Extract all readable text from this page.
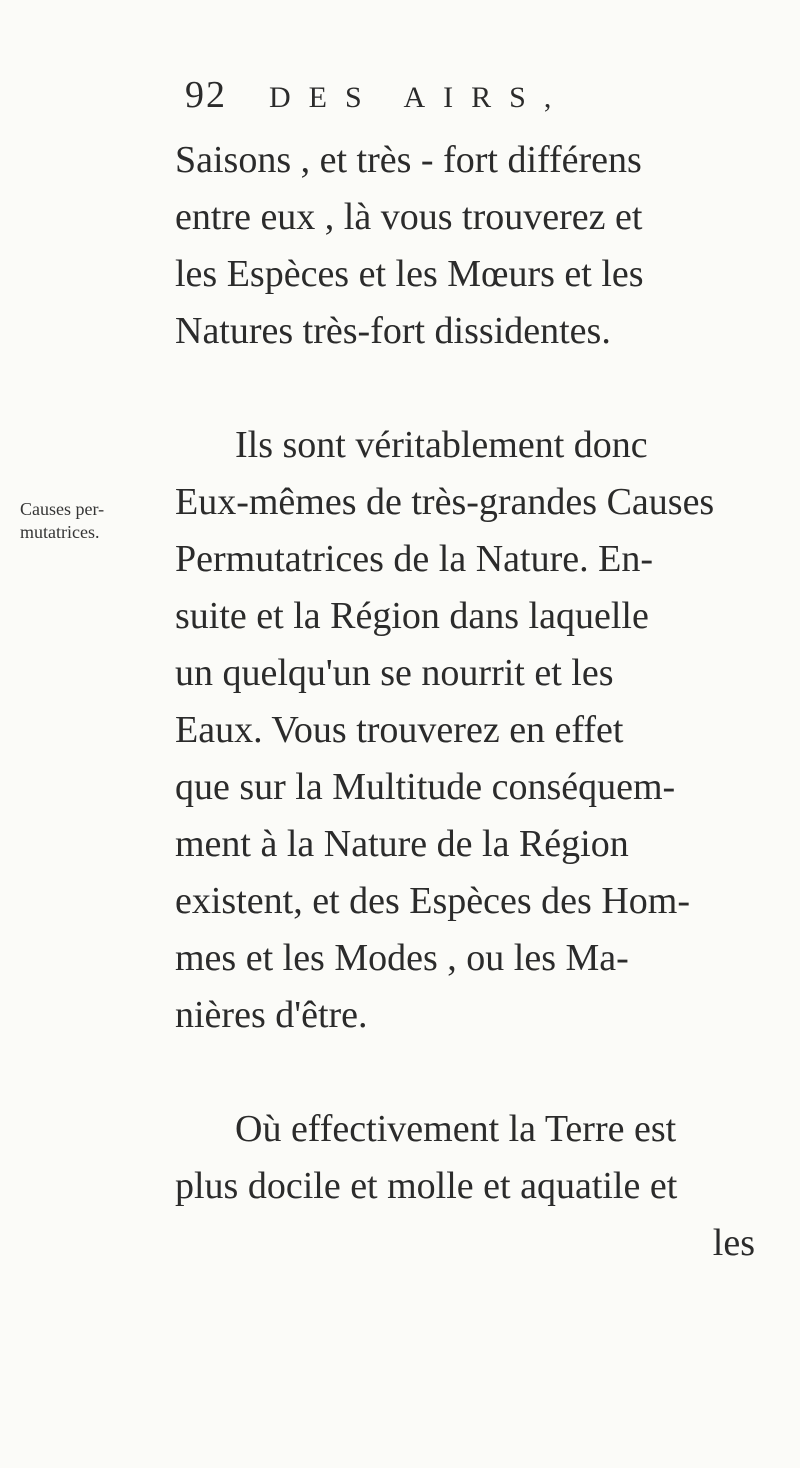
92 DES AIRS,
Causes per-
mutatrices.
Saisons , et très - fort différens
entre eux , là vous trouverez et
les Espèces et les Mœurs et les
Natures très-fort dissidentes.
Ils sont véritablement donc
Eux-mêmes de très-grandes Causes
Permutatrices de la Nature. En-
suite et la Région dans laquelle
un quelqu'un se nourrit et les
Eaux. Vous trouverez en effet
que sur la Multitude conséquem-
ment à la Nature de la Région
existent, et des Espèces des Hom-
mes et les Modes , ou les Ma-
nières d'être.
Où effectivement la Terre est
plus docile et molle et aquatile et
les
